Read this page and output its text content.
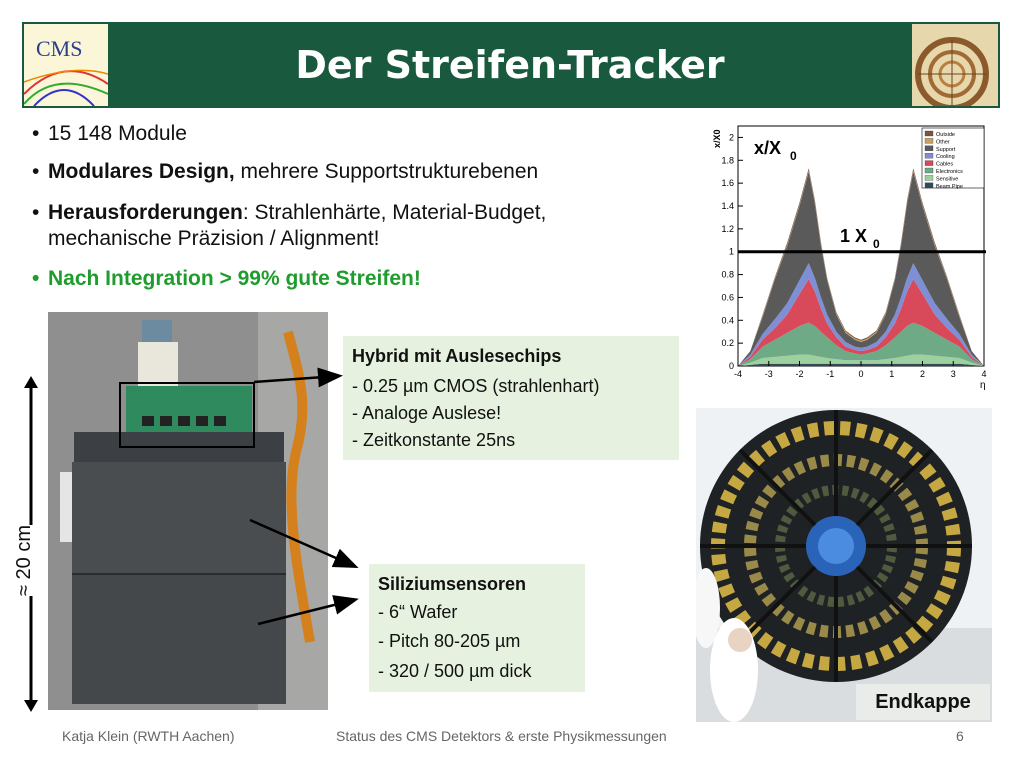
CMS	Der Streifen-Tracker
• 15 148 Module
• Modulares Design, mehrere Supportstrukturebenen
• Herausforderungen: Strahlenhärte, Material-Budget,
mechanische Präzision / Alignment!
• Nach Integration > 99% gute Streifen!
0
0.2
0.4
0.6
0.8
1
1.2
1.4
1.6
1.8
2
-4	-3	-2	-1	0	1	2	3	4
x/X0
η
x/X 0
1 X 0
Outside
Other
Support
Cooling
Cables
Electronics
Sensitive
Beam Pipe
≈ 20 cm
Hybrid mit Auslesechips
- 0.25 µm CMOS (strahlenhart)
- Analoge Auslese!
- Zeitkonstante 25ns
Siliziumsensoren
- 6“ Wafer
- Pitch 80-205 µm
- 320 / 500 µm dick
Endkappe
Katja Klein (RWTH Aachen)	Status des CMS Detektors & erste Physikmessungen	6
